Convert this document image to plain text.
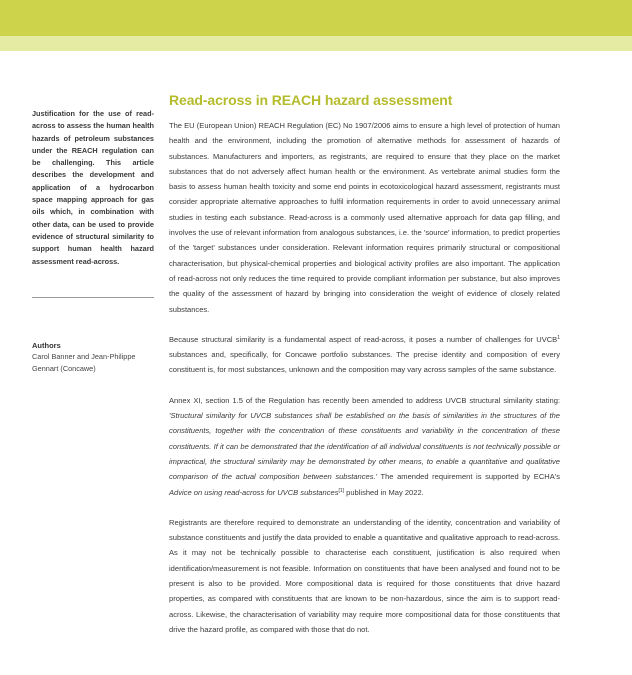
Justification for the use of read-across to assess the human health hazards of petroleum substances under the REACH regulation can be challenging. This article describes the development and application of a hydrocarbon space mapping approach for gas oils which, in combination with other data, can be used to provide evidence of structural similarity to support human health hazard assessment read-across.

Authors

Carol Banner and Jean-Philippe Gennart (Concawe)

Read-across in REACH hazard assessment

The EU (European Union) REACH Regulation (EC) No 1907/2006 aims to ensure a high level of protection of human health and the environment, including the promotion of alternative methods for assessment of hazards of substances. Manufacturers and importers, as registrants, are required to ensure that they place on the market substances that do not adversely affect human health or the environment. As vertebrate animal studies form the basis to assess human health toxicity and some end points in ecotoxicological hazard assessment, registrants must consider appropriate alternative approaches to fulfil information requirements in order to avoid unnecessary animal studies in testing each substance. Read-across is a commonly used alternative approach for data gap filling, and involves the use of relevant information from analogous substances, i.e. the 'source' information, to predict properties of the 'target' substances under consideration. Relevant information requires primarily structural or compositional characterisation, but physical-chemical properties and biological activity profiles are also important. The application of read-across not only reduces the time required to provide compliant information per substance, but also improves the quality of the assessment of hazard by bringing into consideration the weight of evidence of closely related substances.

Because structural similarity is a fundamental aspect of read-across, it poses a number of challenges for UVCB$^1$ substances and, specifically, for Concawe portfolio substances. The precise identity and composition of every constituent is, for most substances, unknown and the composition may vary across samples of the same substance.

Annex XI, section 1.5 of the Regulation has recently been amended to address UVCB structural similarity stating: 'Structural similarity for UVCB substances shall be established on the basis of similarities in the structures of the constituents, together with the concentration of these constituents and variability in the concentration of these constituents. If it can be demonstrated that the identification of all individual constituents is not technically possible or impractical, the structural similarity may be demonstrated by other means, to enable a quantitative and qualitative comparison of the actual composition between substances.' The amended requirement is supported by ECHA's Advice on using read-across for UVCB substances[1] published in May 2022.

Registrants are therefore required to demonstrate an understanding of the identity, concentration and variability of substance constituents and justify the data provided to enable a quantitative and qualitative approach to read-across. As it may not be technically possible to characterise each constituent, justification is also required when identification/measurement is not feasible. Information on constituents that have been analysed and found not to be present is also to be provided. More compositional data is required for those constituents that drive hazard properties, as compared with constituents that are known to be non-hazardous, since the aim is to support read-across. Likewise, the characterisation of variability may require more compositional data for those constituents that drive the hazard profile, as compared with those that do not.
